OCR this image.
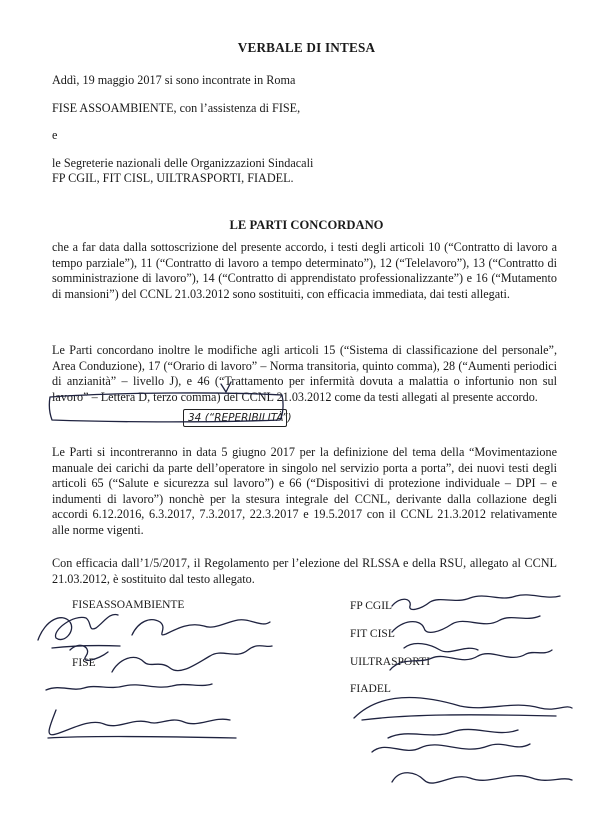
VERBALE DI INTESA
Addì, 19 maggio 2017 si sono incontrate in Roma
FISE ASSOAMBIENTE, con l’assistenza di FISE,
e
le Segreterie nazionali delle Organizzazioni Sindacali
FP CGIL, FIT CISL, UILTRASPORTI, FIADEL.
LE PARTI CONCORDANO
che a far data dalla sottoscrizione del presente accordo, i testi degli articoli 10 (“Contratto di lavoro a tempo parziale”), 11 (“Contratto di lavoro a tempo determinato”), 12 (“Telelavoro”), 13 (“Contratto di somministrazione di lavoro”), 14 (“Contratto di apprendistato professionalizzante”) e 16 (“Mutamento di mansioni”) del CCNL 21.03.2012 sono sostituiti, con efficacia immediata, dai testi allegati.
Le Parti concordano inoltre le modifiche agli articoli 15 (“Sistema di classificazione del personale”, Area Conduzione), 17 (“Orario di lavoro” – Norma transitoria, quinto comma), 28 (“Aumenti periodici di anzianità” – livello J), e 46 (“Trattamento per infermità dovuta a malattia o infortunio non sul lavoro” – Lettera D, terzo comma) del CCNL 21.03.2012 come da testi allegati al presente accordo.
34 (“REPERIBILITÀ”)
Le Parti si incontreranno in data 5 giugno 2017 per la definizione del tema della “Movimentazione manuale dei carichi da parte dell’operatore in singolo nel servizio porta a porta”, dei nuovi testi degli articoli 65 (“Salute e sicurezza sul lavoro”) e 66 (“Dispositivi di protezione individuale – DPI – e indumenti di lavoro”) nonchè per la stesura integrale del CCNL, derivante dalla collazione degli accordi 6.12.2016, 6.3.2017, 7.3.2017, 22.3.2017 e 19.5.2017 con il CCNL 21.3.2012 relativamente alle norme vigenti.
Con efficacia dall’1/5/2017, il Regolamento per l’elezione del RLSSA e della RSU, allegato al CCNL 21.03.2012, è sostituito dal testo allegato.
FISEASSOAMBIENTE
FISE
FP CGIL
FIT CISL
UILTRASPORTI
FIADEL
